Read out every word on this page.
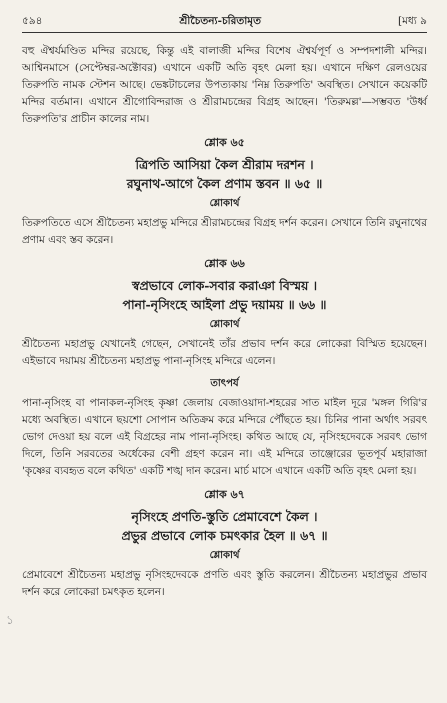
৫৯৪	শ্রীচৈতন্য-চরিতামৃত	[মধ্য ৯

বহু ঐশ্বর্যমণ্ডিত মন্দির রয়েছে, কিন্তু এই বালাজী মন্দির বিশেষ ঐশ্বর্যপূর্ণ ও সম্পদশালী মন্দির। আশ্বিনমাসে (সেপ্টেম্বর-অক্টোবর) এখানে একটি অতি বৃহৎ মেলা হয়। এখানে দক্ষিণ রেলওয়ের তিরুপতি নামক স্টেশন আছে। ভেঙ্কটাচলের উপত্যকায় 'নিম্ন তিরুপতি' অবস্থিত। সেখানে কয়েকটি মন্দির বর্তমান। এখানে শ্রীগোবিন্দরাজ ও শ্রীরামচন্দ্রের বিগ্রহ আছেন। 'তিরুমল্ল'—সম্ভবত 'উর্ধ্ব তিরুপতি'র প্রাচীন কালের নাম।

শ্লোক ৬৫

ত্রিপতি আসিয়া কৈল শ্রীরাম দরশন ।

রঘুনাথ-আগে কৈল প্রণাম স্তবন ॥ ৬৫ ॥

শ্লোকার্থ

তিরুপতিতে এসে শ্রীচৈতন্য মহাপ্রভু মন্দিরে শ্রীরামচন্দ্রের বিগ্রহ দর্শন করেন। সেখানে তিনি রঘুনাথের প্রণাম এবং স্তব করেন।

শ্লোক ৬৬

স্বপ্রভাবে লোক-সবার করাঞা বিস্ময় ।

পানা-নৃসিংহে আইলা প্রভু দয়াময় ॥ ৬৬ ॥

শ্লোকার্থ

শ্রীচৈতন্য মহাপ্রভু যেখানেই গেছেন, সেখানেই তাঁর প্রভাব দর্শন করে লোকেরা বিস্মিত হয়েছেন। এইভাবে দয়াময় শ্রীচৈতন্য মহাপ্রভু পানা-নৃসিংহ মন্দিরে এলেন।

তাৎপর্য

পানা-নৃসিংহ বা পানাকল-নৃসিংহ কৃষ্ণা জেলায় বেজাওয়াদা-শহরের সাত মাইল দূরে 'মঙ্গল গিরি'র মধ্যে অবস্থিত। এখানে ছয়শো সোপান অতিক্রম করে মন্দিরে পৌঁছতে হয়। চিনির পানা অর্থাৎ সরবৎ ভোগ দেওয়া হয় বলে এই বিগ্রহের নাম পানা-নৃসিংহ। কথিত আছে যে, নৃসিংহদেবকে সরবৎ ভোগ দিলে, তিনি সরবতের অর্ধেকের বেশী গ্রহণ করেন না। এই মন্দিরে তাঞ্জোরের ভূতপূর্ব মহারাজা 'কৃষ্ণের ব্যবহৃত বলে কথিত' একটি শঙ্খ দান করেন। মার্চ মাসে এখানে একটি অতি বৃহৎ মেলা হয়।

শ্লোক ৬৭

নৃসিংহে প্রণতি-স্তুতি প্রেমাবেশে কৈল ।

প্রভুর প্রভাবে লোক চমৎকার হৈল ॥ ৬৭ ॥

শ্লোকার্থ

প্রেমাবেশে শ্রীচৈতন্য মহাপ্রভু নৃসিংহদেবকে প্রণতি এবং স্তুতি করলেন। শ্রীচৈতন্য মহাপ্রভুর প্রভাব দর্শন করে লোকেরা চমৎকৃত হলেন।

১
